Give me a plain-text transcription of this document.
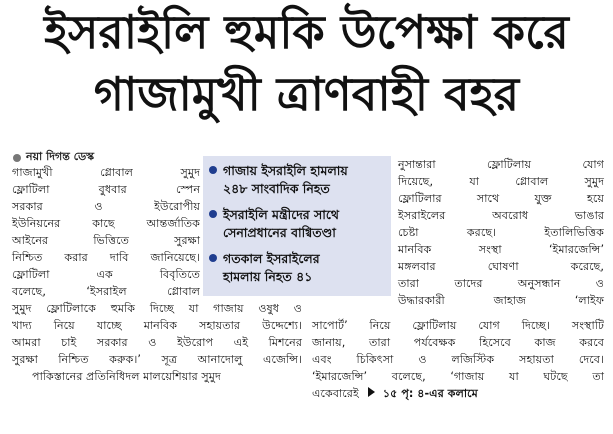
ইসরাইলি হুমকি উপেক্ষা করে
গাজামুখী ত্রাণবাহী বহর
নয়া দিগন্ত ডেস্ক

গাজামুখী গ্লোবাল সুমুদ

ফ্লোটিলা বুধবার স্পেন

সরকার ও ইউরোপীয়

ইউনিয়নের কাছে আন্তর্জাতিক

আইনের ভিত্তিতে সুরক্ষা

নিশ্চিত করার দাবি জানিয়েছে।

ফ্লোটিলা এক বিবৃতিতে

বলেছে, ‘ইসরাইল গ্লোবাল

গাজায় ইসরাইলি হামলায়
২৪৮ সাংবাদিক নিহত
ইসরাইলি মন্ত্রীদের সাথে
সেনাপ্রধানের বাগ্বিতণ্ডা
গতকাল ইসরাইলের
হামলায় নিহত ৪১

নুসান্তারা ফ্লোটিলায় যোগ

দিয়েছে, যা গ্লোবাল সুমুদ

ফ্লোটিলার সাথে যুক্ত হয়ে

ইসরাইলের অবরোধ ভাঙার

চেষ্টা করছে। ইতালিভিত্তিক

মানবিক সংস্থা ‘ইমারজেন্সি’

মঙ্গলবার ঘোষণা করেছে,

তারা তাদের অনুসন্ধান ও

উদ্ধারকারী জাহাজ ‘লাইফ

সুমুদ ফ্লোটিলাকে হুমকি দিচ্ছে যা গাজায় ওষুধ ও

খাদ্য নিয়ে যাচ্ছে মানবিক সহায়তার উদ্দেশ্যে।

আমরা চাই সরকার ও ইউরোপ এই মিশনের

সুরক্ষা নিশ্চিত করুক।’ সূত্র আনাদোলু এজেন্সি।

পাকিস্তানের প্রতিনিধিদল মালয়েশিয়ার সুমুদ

সাপোর্ট’ নিয়ে ফ্লোটিলায় যোগ দিচ্ছে। সংস্থাটি

জানায়, তারা পর্যবেক্ষক হিসেবে কাজ করবে

এবং চিকিৎসা ও লজিস্টিক সহায়তা দেবে।

‘ইমারজেন্সি’ বলেছে, ‘গাজায় যা ঘটছে তা

একেবারেই ১৫ পৃ: ৪-এর কলামে
